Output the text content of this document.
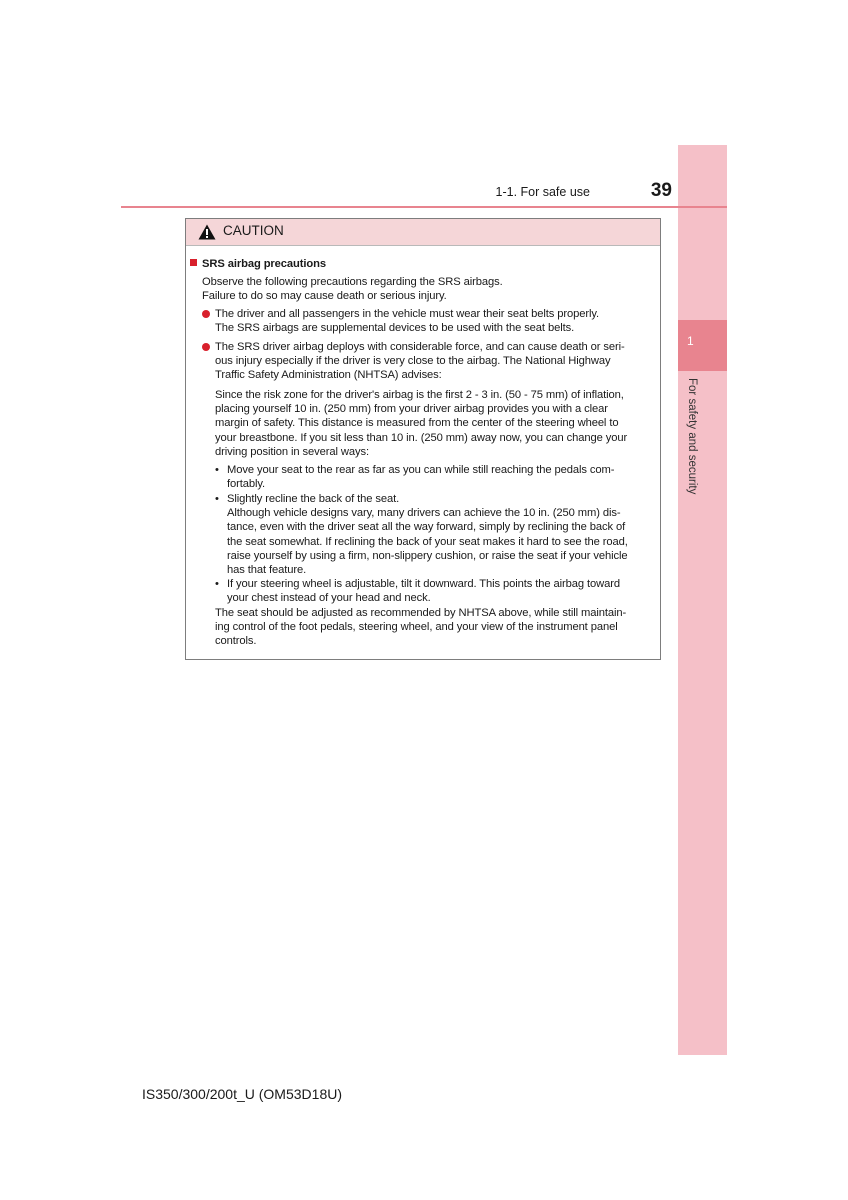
1
For safety and security
1-1. For safe use	39
CAUTION
SRS airbag precautions
Observe the following precautions regarding the SRS airbags.
Failure to do so may cause death or serious injury.
The driver and all passengers in the vehicle must wear their seat belts properly.
The SRS airbags are supplemental devices to be used with the seat belts.
The SRS driver airbag deploys with considerable force, and can cause death or seri-
ous injury especially if the driver is very close to the airbag. The National Highway
Traffic Safety Administration (NHTSA) advises:
Since the risk zone for the driver's airbag is the first 2 - 3 in. (50 - 75 mm) of inflation,
placing yourself 10 in. (250 mm) from your driver airbag provides you with a clear
margin of safety. This distance is measured from the center of the steering wheel to
your breastbone. If you sit less than 10 in. (250 mm) away now, you can change your
driving position in several ways:
• Move your seat to the rear as far as you can while still reaching the pedals com-
fortably.
• Slightly recline the back of the seat.
Although vehicle designs vary, many drivers can achieve the 10 in. (250 mm) dis-
tance, even with the driver seat all the way forward, simply by reclining the back of
the seat somewhat. If reclining the back of your seat makes it hard to see the road,
raise yourself by using a firm, non-slippery cushion, or raise the seat if your vehicle
has that feature.
• If your steering wheel is adjustable, tilt it downward. This points the airbag toward
your chest instead of your head and neck.
The seat should be adjusted as recommended by NHTSA above, while still maintain-
ing control of the foot pedals, steering wheel, and your view of the instrument panel
controls.
IS350/300/200t_U (OM53D18U)
